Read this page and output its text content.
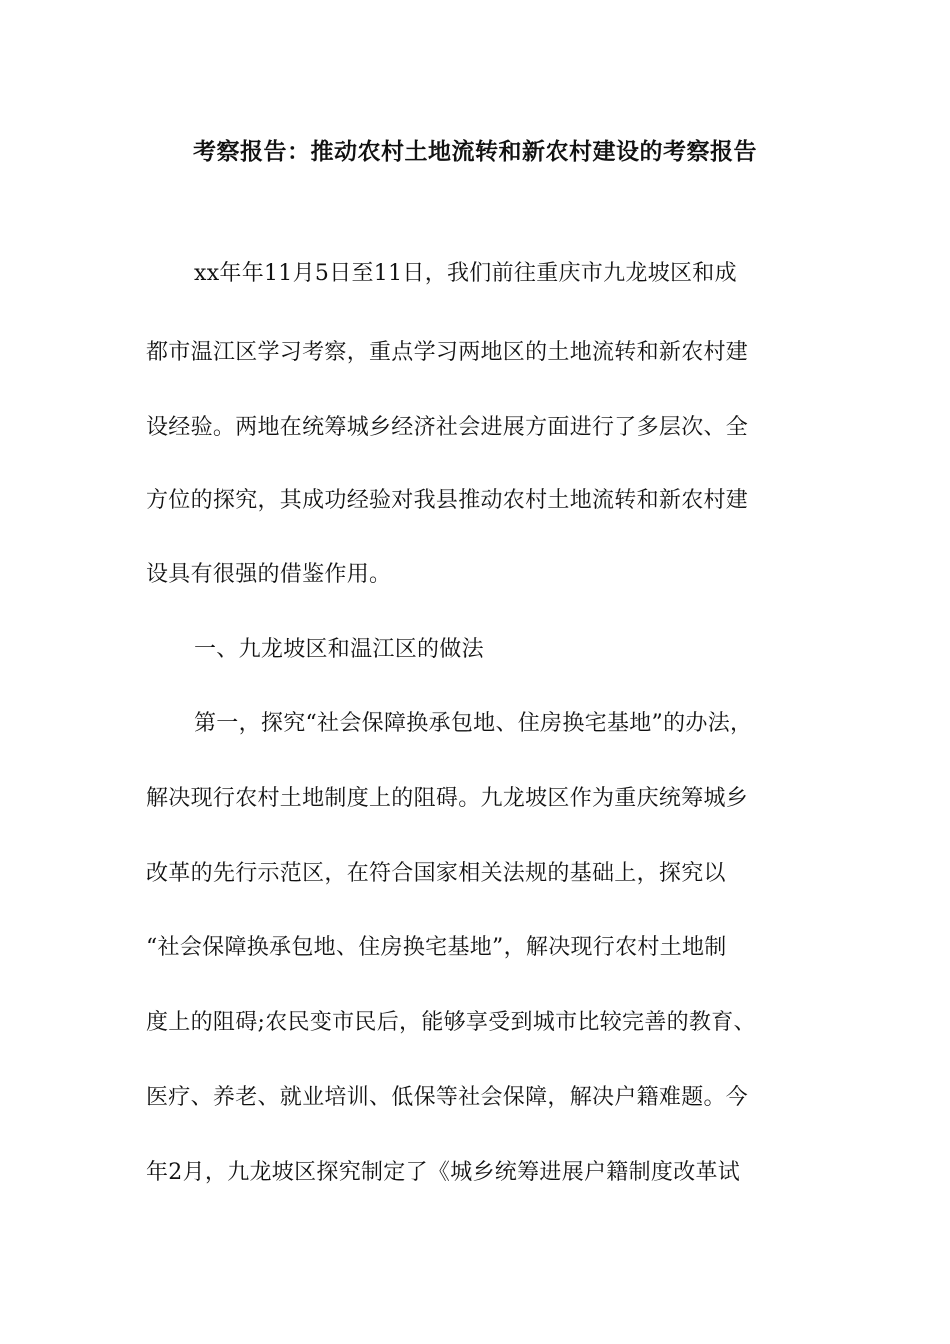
考察报告：推动农村土地流转和新农村建设的考察报告

xx年年11月5日至11日，我们前往重庆市九龙坡区和成

都市温江区学习考察，重点学习两地区的土地流转和新农村建

设经验。两地在统筹城乡经济社会进展方面进行了多层次、全

方位的探究，其成功经验对我县推动农村土地流转和新农村建

设具有很强的借鉴作用。

一、九龙坡区和温江区的做法

第一，探究“社会保障换承包地、住房换宅基地”的办法，

解决现行农村土地制度上的阻碍。九龙坡区作为重庆统筹城乡

改革的先行示范区，在符合国家相关法规的基础上，探究以

“社会保障换承包地、住房换宅基地”，解决现行农村土地制

度上的阻碍;农民变市民后，能够享受到城市比较完善的教育、

医疗、养老、就业培训、低保等社会保障，解决户籍难题。今

年2月，九龙坡区探究制定了《城乡统筹进展户籍制度改革试
